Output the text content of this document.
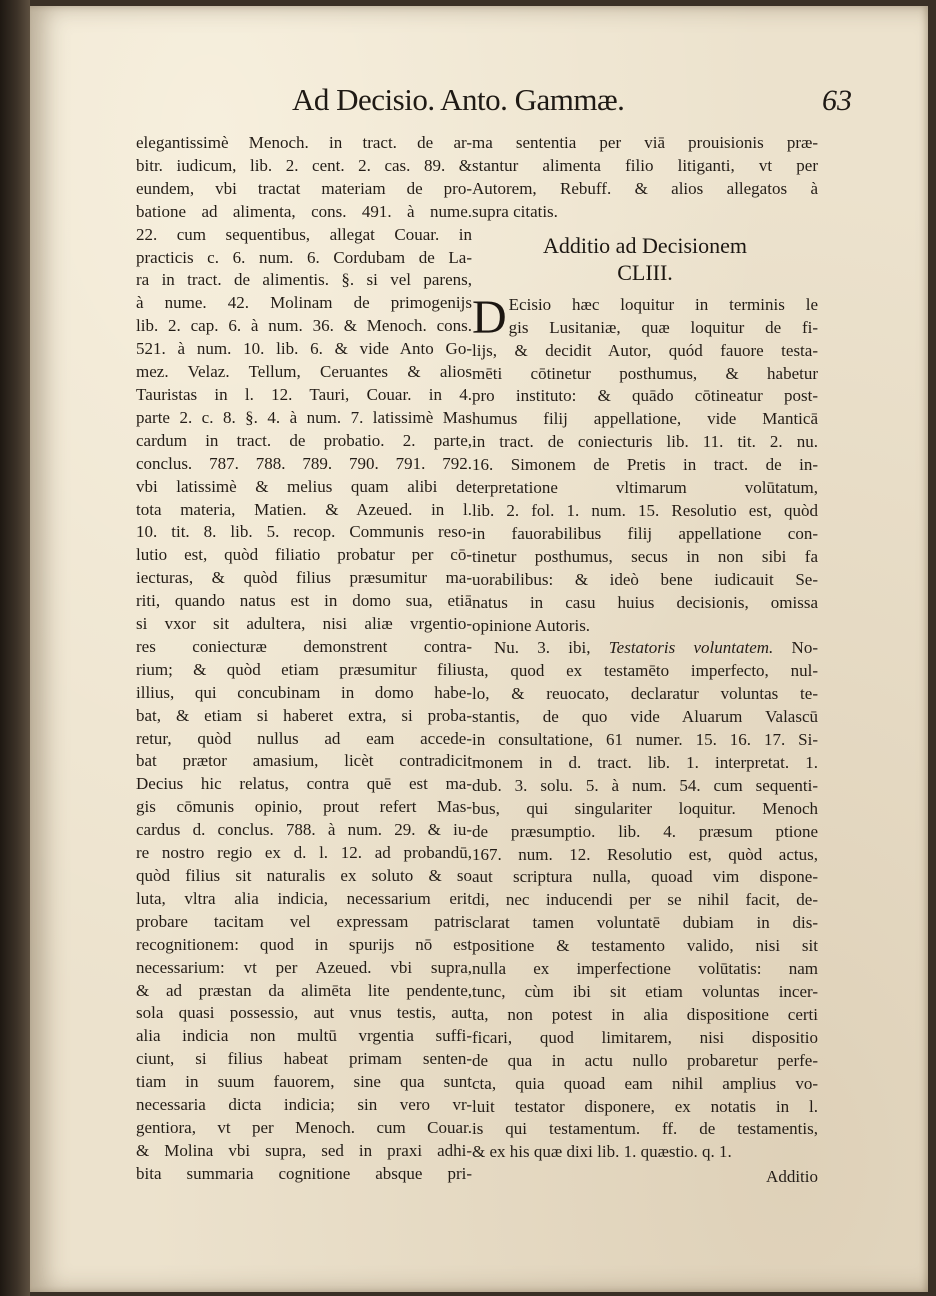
Ad Decisio. Anto. Gammæ.	63
elegantissimè Menoch. in tract. de ar-
bitr. iudicum, lib. 2. cent. 2. cas. 89. &
eundem, vbi tractat materiam de pro-
batione ad alimenta, cons. 491. à nume.
22. cum sequentibus, allegat Couar. in
practicis c. 6. num. 6. Cordubam de La-
ra in tract. de alimentis. §. si vel parens,
à nume. 42. Molinam de primogenijs
lib. 2. cap. 6. à num. 36. & Menoch. cons.
521. à num. 10. lib. 6. & vide Anto Go-
mez. Velaz. Tellum, Ceruantes & alios
Tauristas in l. 12. Tauri, Couar. in 4.
parte 2. c. 8. §. 4. à num. 7. latissimè Mas
cardum in tract. de probatio. 2. parte,
conclus. 787. 788. 789. 790. 791. 792.
vbi latissimè & melius quam alibi de
tota materia, Matien. & Azeued. in l.
10. tit. 8. lib. 5. recop. Communis reso-
lutio est, quòd filiatio probatur per cō-
iecturas, & quòd filius præsumitur ma-
riti, quando natus est in domo sua, etiā
si vxor sit adultera, nisi aliæ vrgentio-
res coniecturæ demonstrent contra-
rium; & quòd etiam præsumitur filius
illius, qui concubinam in domo habe-
bat, & etiam si haberet extra, si proba-
retur, quòd nullus ad eam accede-
bat prætor amasium, licèt contradicit
Decius hic relatus, contra quē est ma-
gis cōmunis opinio, prout refert Mas-
cardus d. conclus. 788. à num. 29. & iu-
re nostro regio ex d. l. 12. ad probandū,
quòd filius sit naturalis ex soluto & so
luta, vltra alia indicia, necessarium erit
probare tacitam vel expressam patris
recognitionem: quod in spurijs nō est
necessarium: vt per Azeued. vbi supra,
& ad præstan da alimēta lite pendente,
sola quasi possessio, aut vnus testis, aut
alia indicia non multū vrgentia suffi-
ciunt, si filius habeat primam senten-
tiam in suum fauorem, sine qua sunt
necessaria dicta indicia; sin vero vr-
gentiora, vt per Menoch. cum Couar.
& Molina vbi supra, sed in praxi adhi-
bita summaria cognitione absque pri-
ma sententia per viā prouisionis præ-
stantur alimenta filio litiganti, vt per
Autorem, Rebuff. & alios allegatos à
supra citatis.
Additio ad Decisionem
CLIII.
D Ecisio hæc loquitur in terminis le
gis Lusitaniæ, quæ loquitur de fi-
lijs, & decidit Autor, quód fauore testa-
mēti cōtinetur posthumus, & habetur
pro instituto: & quādo cōtineatur post-
humus filij appellatione, vide Manticā
in tract. de coniecturis lib. 11. tit. 2. nu.
16. Simonem de Pretis in tract. de in-
terpretatione vltimarum volūtatum,
lib. 2. fol. 1. num. 15. Resolutio est, quòd
in fauorabilibus filij appellatione con-
tinetur posthumus, secus in non sibi fa
uorabilibus: & ideò bene iudicauit Se-
natus in casu huius decisionis, omissa
opinione Autoris.
Nu. 3. ibi, Testatoris voluntatem. No-
ta, quod ex testamēto imperfecto, nul-
lo, & reuocato, declaratur voluntas te-
stantis, de quo vide Aluarum Valascū
in consultatione, 61 numer. 15. 16. 17. Si-
monem in d. tract. lib. 1. interpretat. 1.
dub. 3. solu. 5. à num. 54. cum sequenti-
bus, qui singulariter loquitur. Menoch
de præsumptio. lib. 4. præsum ptione
167. num. 12. Resolutio est, quòd actus,
aut scriptura nulla, quoad vim dispone-
di, nec inducendi per se nihil facit, de-
clarat tamen voluntatē dubiam in dis-
positione & testamento valido, nisi sit
nulla ex imperfectione volūtatis: nam
tunc, cùm ibi sit etiam voluntas incer-
ta, non potest in alia dispositione certi
ficari, quod limitarem, nisi dispositio
de qua in actu nullo probaretur perfe-
cta, quia quoad eam nihil amplius vo-
luit testator disponere, ex notatis in l.
is qui testamentum. ff. de testamentis,
& ex his quæ dixi lib. 1. quæstio. q. 1.
Additio
